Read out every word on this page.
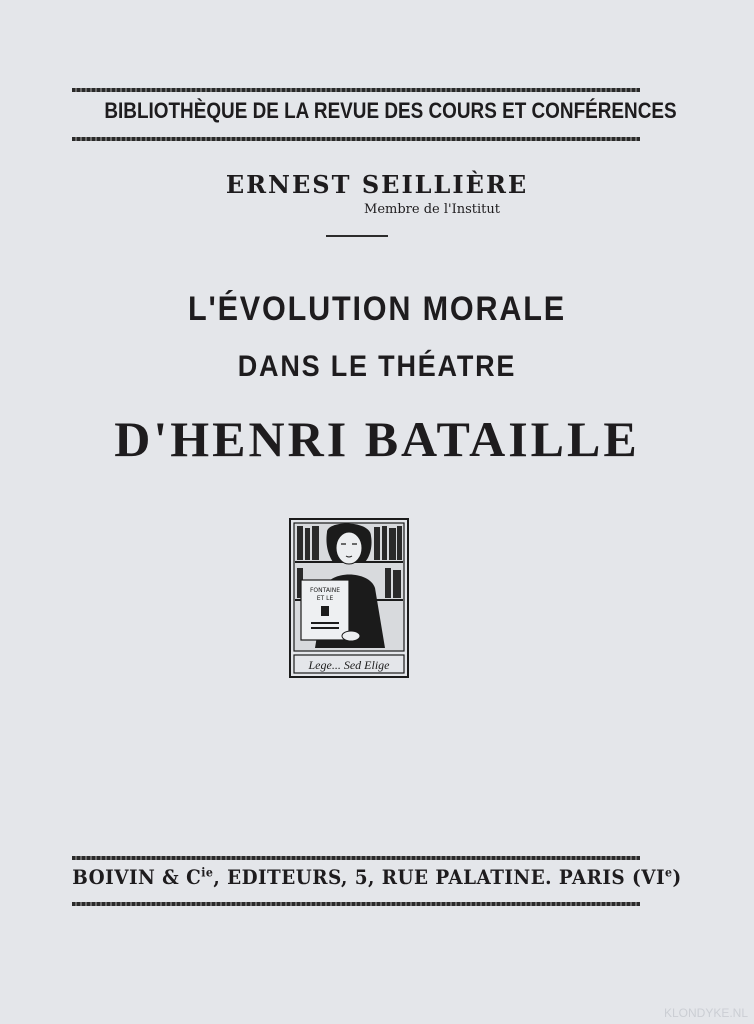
BIBLIOTHÈQUE DE LA REVUE DES COURS ET CONFÉRENCES
ERNEST SEILLIÈRE
Membre de l'Institut
L'ÉVOLUTION MORALE
DANS LE THÉATRE
D'HENRI BATAILLE
FONTAINE
ET LE
Lege... Sed Elige
BOIVIN & $C^{ie}$, EDITEURS, 5, RUE PALATINE. PARIS (VIe)
KLONDYKE.NL
